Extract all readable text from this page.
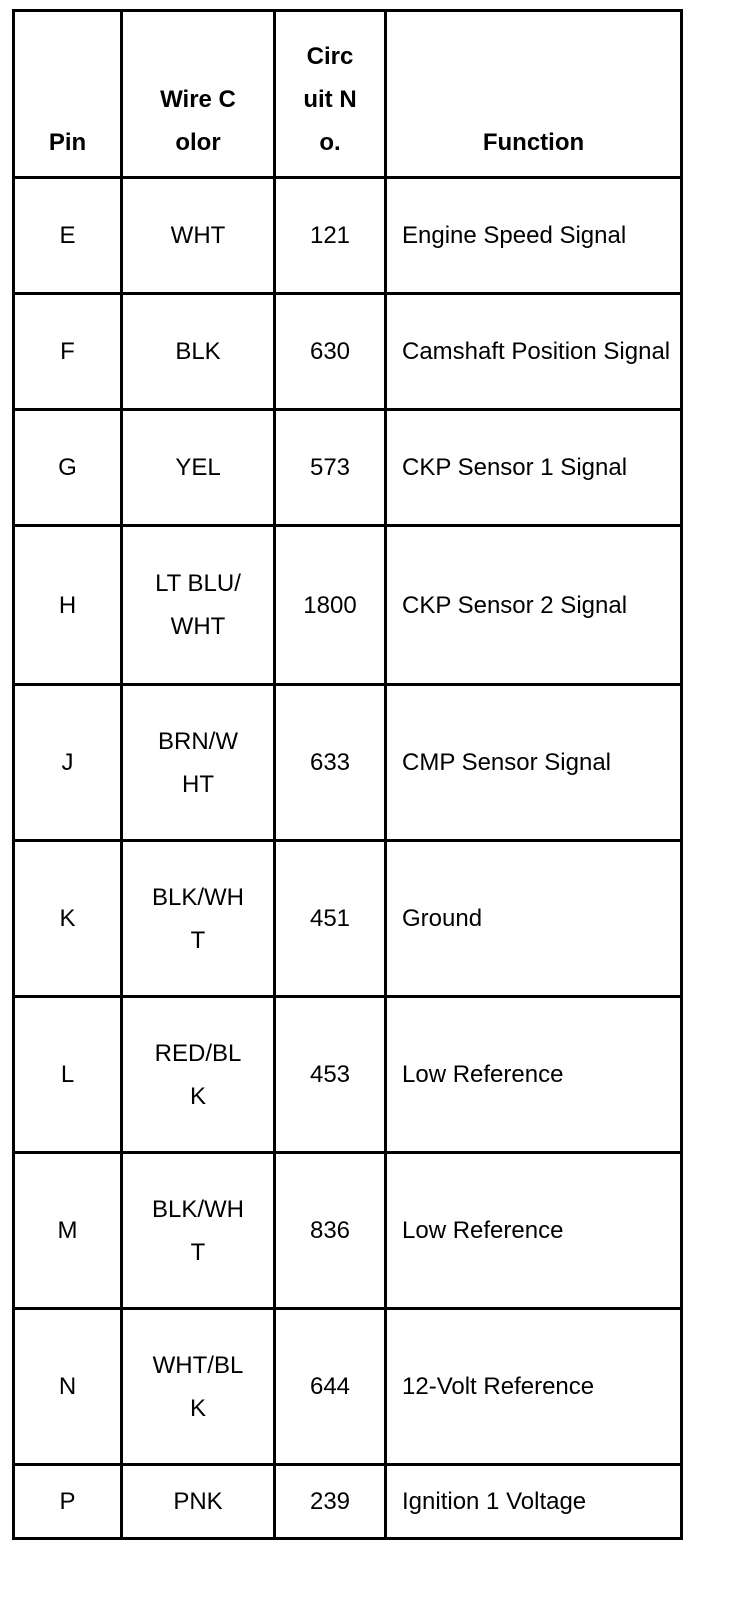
Pin	Wire Color	Circuit No.	Function
E	WHT	121	Engine Speed Signal
F	BLK	630	Camshaft Position Signal
G	YEL	573	CKP Sensor 1 Signal
H	LT BLU/WHT	1800	CKP Sensor 2 Signal
J	BRN/WHT	633	CMP Sensor Signal
K	BLK/WHT	451	Ground
L	RED/BLK	453	Low Reference
M	BLK/WHT	836	Low Reference
N	WHT/BLK	644	12-Volt Reference
P	PNK	239	Ignition 1 Voltage
